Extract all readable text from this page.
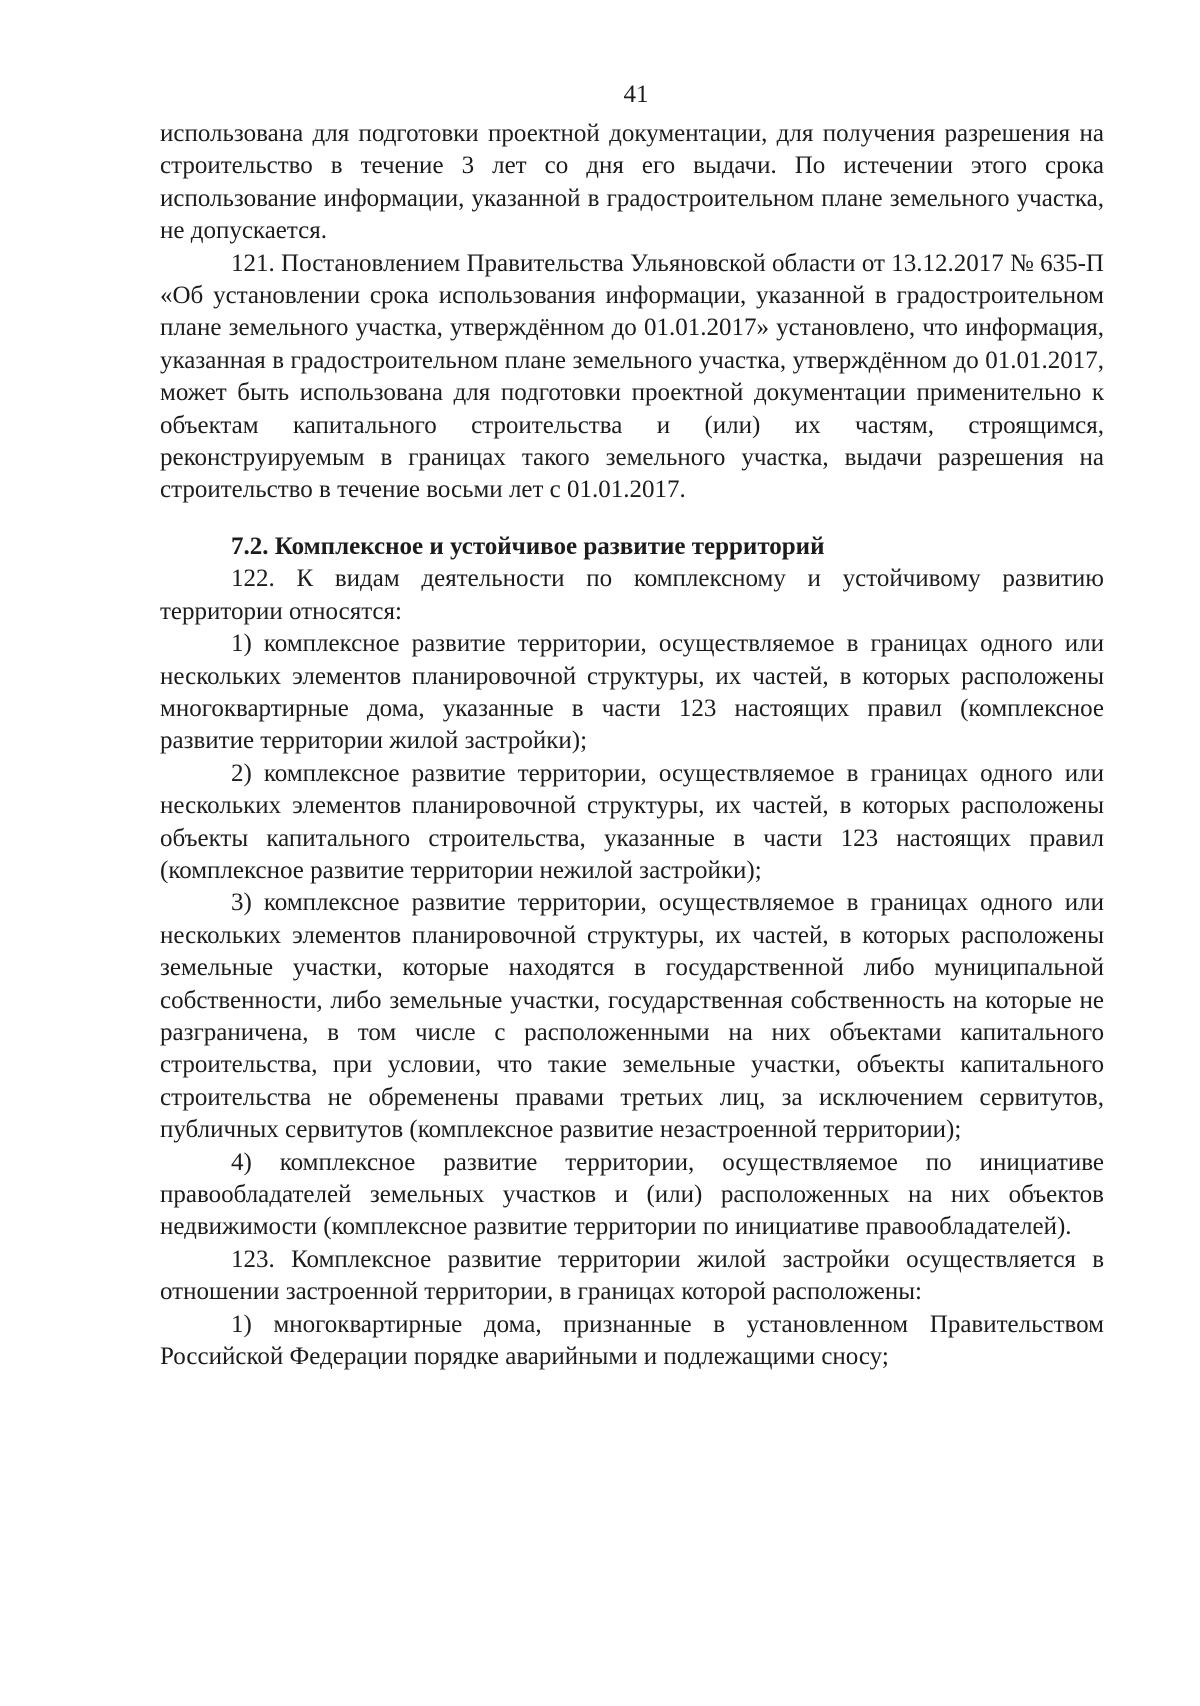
41

использована для подготовки проектной документации, для получения разрешения на строительство в течение 3 лет со дня его выдачи. По истечении этого срока использование информации, указанной в градостроительном плане земельного участка, не допускается.

121. Постановлением Правительства Ульяновской области от 13.12.2017 № 635-П «Об установлении срока использования информации, указанной в градостроительном плане земельного участка, утверждённом до 01.01.2017» установлено, что информация, указанная в градостроительном плане земельного участка, утверждённом до 01.01.2017, может быть использована для подготовки проектной документации применительно к объектам капитального строительства и (или) их частям, строящимся, реконструируемым в границах такого земельного участка, выдачи разрешения на строительство в течение восьми лет с 01.01.2017.

7.2. Комплексное и устойчивое развитие территорий

122. К видам деятельности по комплексному и устойчивому развитию территории относятся:

1) комплексное развитие территории, осуществляемое в границах одного или нескольких элементов планировочной структуры, их частей, в которых расположены многоквартирные дома, указанные в части 123 настоящих правил (комплексное развитие территории жилой застройки);

2) комплексное развитие территории, осуществляемое в границах одного или нескольких элементов планировочной структуры, их частей, в которых расположены объекты капитального строительства, указанные в части 123 настоящих правил (комплексное развитие территории нежилой застройки);

3) комплексное развитие территории, осуществляемое в границах одного или нескольких элементов планировочной структуры, их частей, в которых расположены земельные участки, которые находятся в государственной либо муниципальной собственности, либо земельные участки, государственная собственность на которые не разграничена, в том числе с расположенными на них объектами капитального строительства, при условии, что такие земельные участки, объекты капитального строительства не обременены правами третьих лиц, за исключением сервитутов, публичных сервитутов (комплексное развитие незастроенной территории);

4) комплексное развитие территории, осуществляемое по инициативе правообладателей земельных участков и (или) расположенных на них объектов недвижимости (комплексное развитие территории по инициативе правообладателей).

123. Комплексное развитие территории жилой застройки осуществляется в отношении застроенной территории, в границах которой расположены:

1) многоквартирные дома, признанные в установленном Правительством Российской Федерации порядке аварийными и подлежащими сносу;
